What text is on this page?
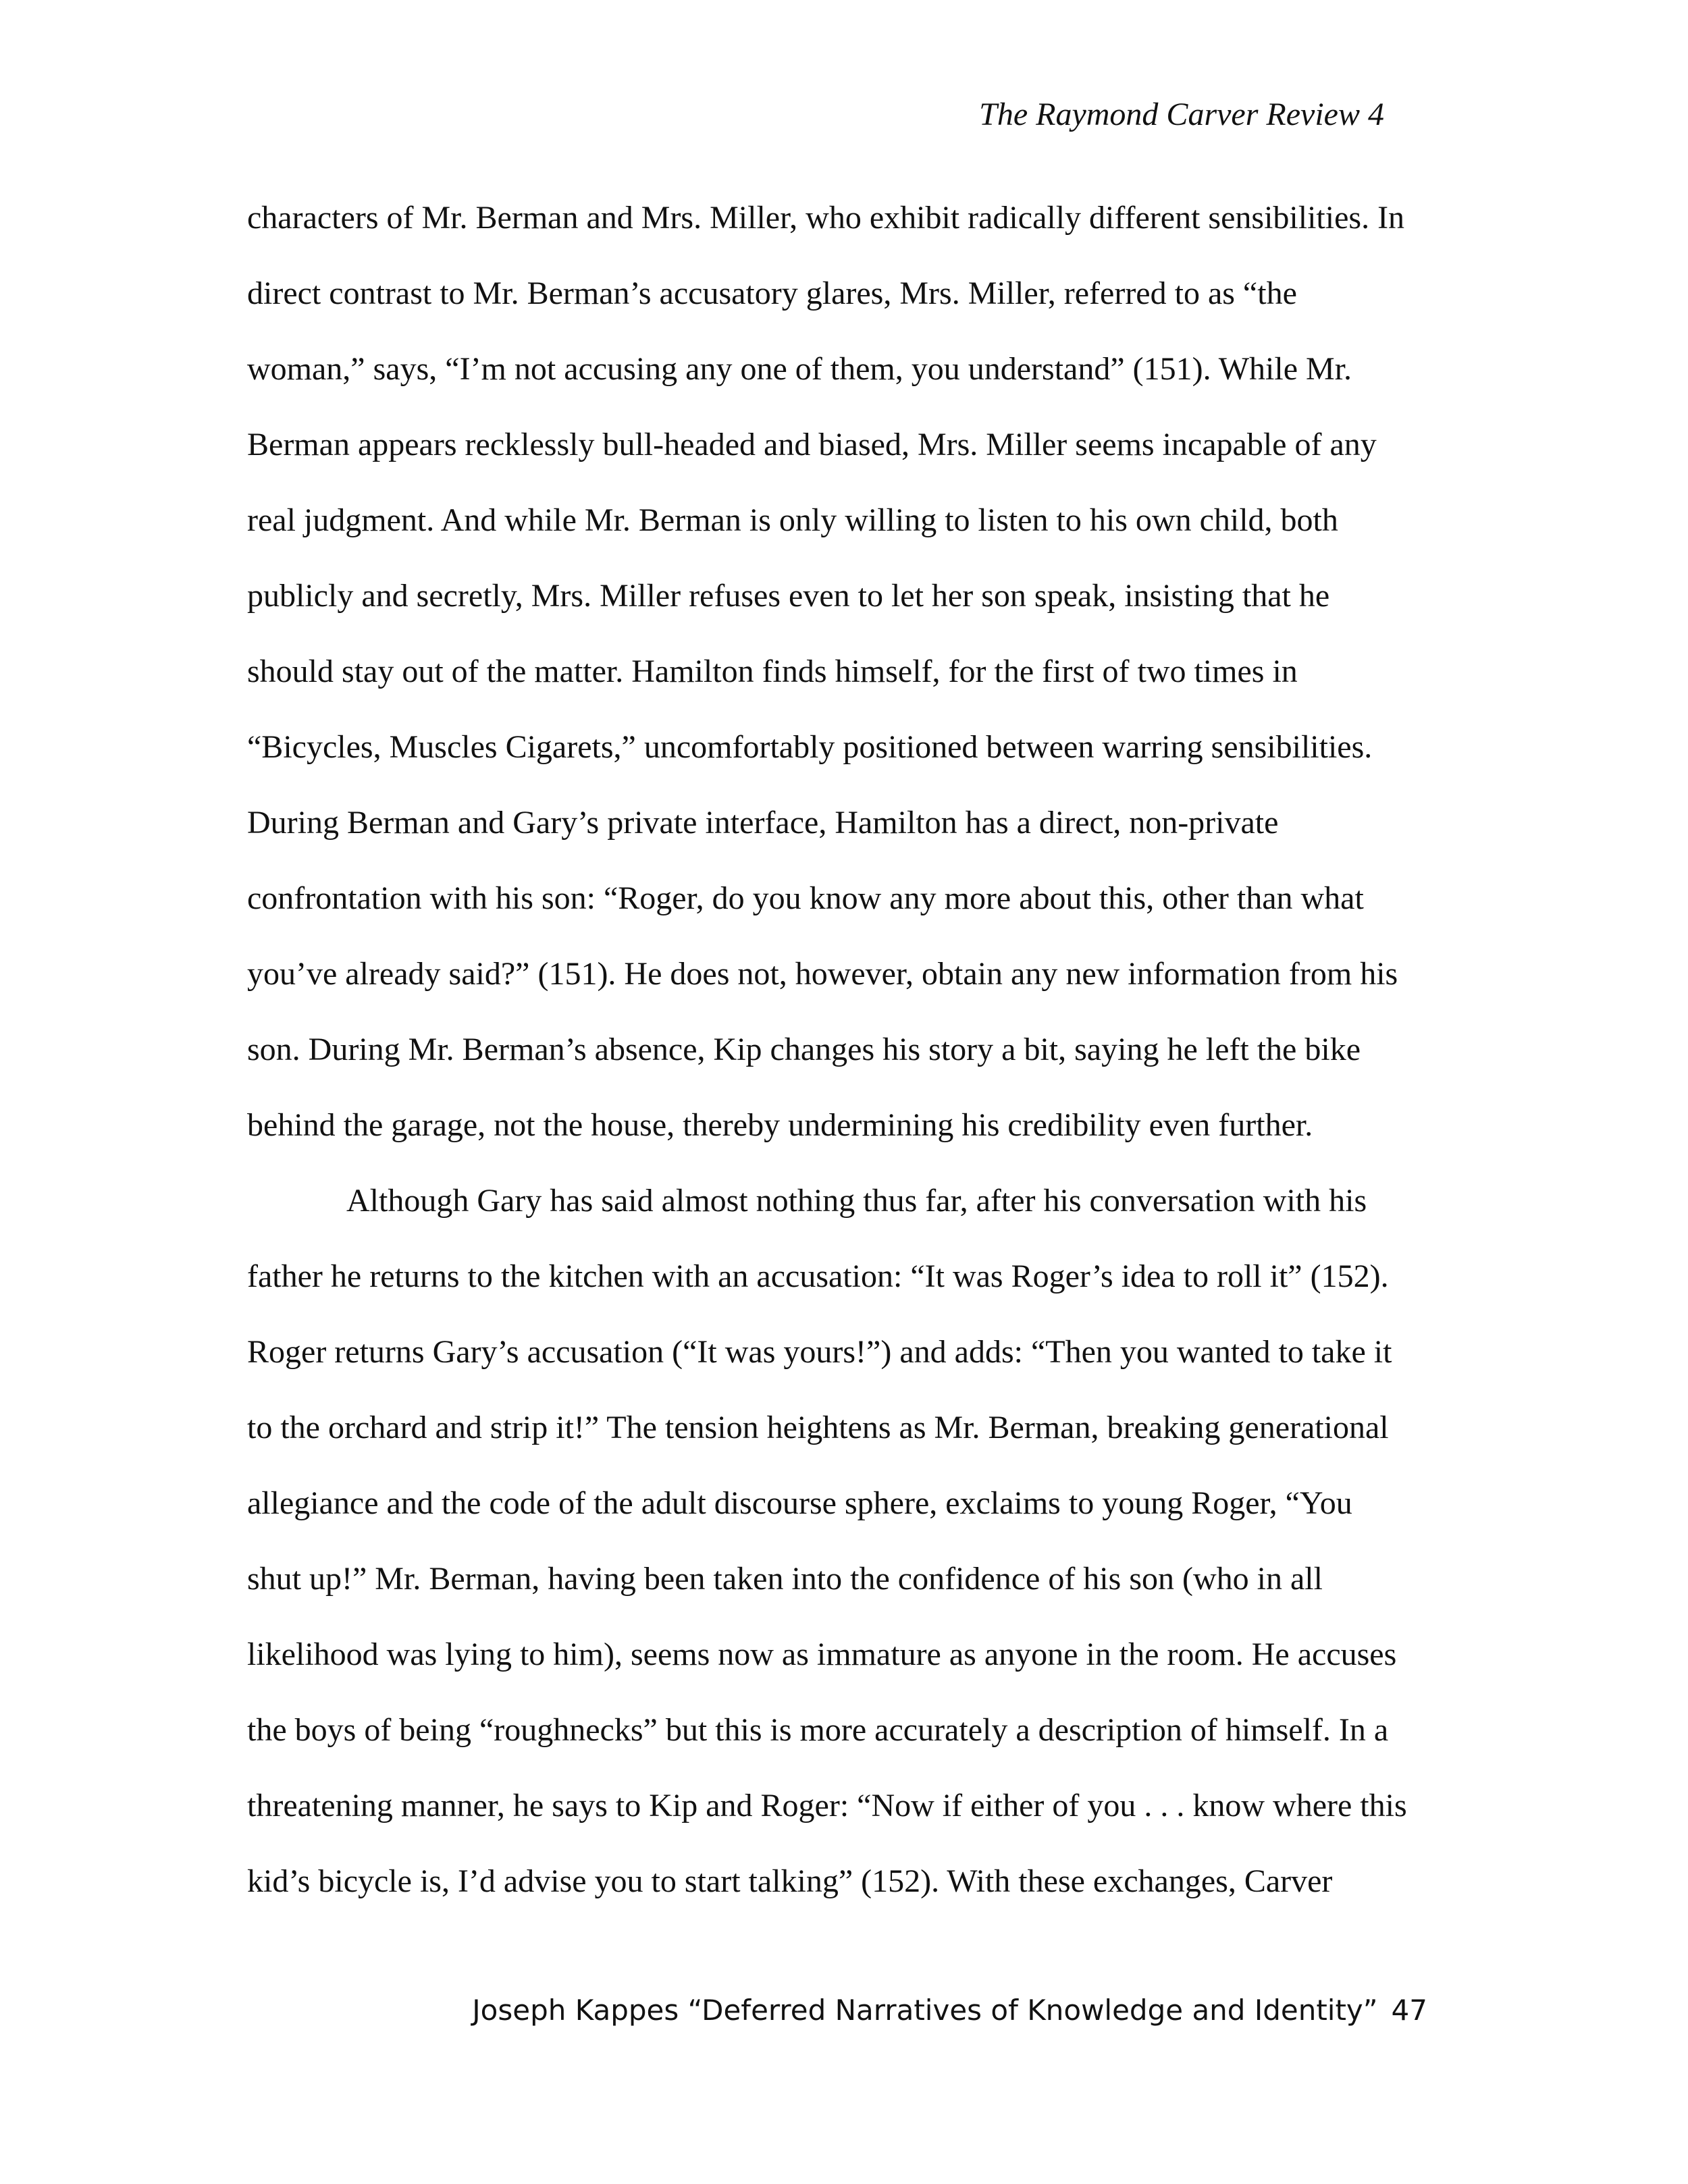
The Raymond Carver Review 4

characters of Mr. Berman and Mrs. Miller, who exhibit radically different sensibilities. In
direct contrast to Mr. Berman’s accusatory glares, Mrs. Miller, referred to as “the
woman,” says, “I’m not accusing any one of them, you understand” (151). While Mr.
Berman appears recklessly bull-headed and biased, Mrs. Miller seems incapable of any
real judgment. And while Mr. Berman is only willing to listen to his own child, both
publicly and secretly, Mrs. Miller refuses even to let her son speak, insisting that he
should stay out of the matter. Hamilton finds himself, for the first of two times in
“Bicycles, Muscles Cigarets,” uncomfortably positioned between warring sensibilities.
During Berman and Gary’s private interface, Hamilton has a direct, non-private
confrontation with his son: “Roger, do you know any more about this, other than what
you’ve already said?” (151). He does not, however, obtain any new information from his
son. During Mr. Berman’s absence, Kip changes his story a bit, saying he left the bike
behind the garage, not the house, thereby undermining his credibility even further.
Although Gary has said almost nothing thus far, after his conversation with his
father he returns to the kitchen with an accusation: “It was Roger’s idea to roll it” (152).
Roger returns Gary’s accusation (“It was yours!”) and adds: “Then you wanted to take it
to the orchard and strip it!” The tension heightens as Mr. Berman, breaking generational
allegiance and the code of the adult discourse sphere, exclaims to young Roger, “You
shut up!” Mr. Berman, having been taken into the confidence of his son (who in all
likelihood was lying to him), seems now as immature as anyone in the room. He accuses
the boys of being “roughnecks” but this is more accurately a description of himself. In a
threatening manner, he says to Kip and Roger: “Now if either of you . . . know where this
kid’s bicycle is, I’d advise you to start talking” (152). With these exchanges, Carver

Joseph Kappes “Deferred Narratives of Knowledge and Identity” 47
